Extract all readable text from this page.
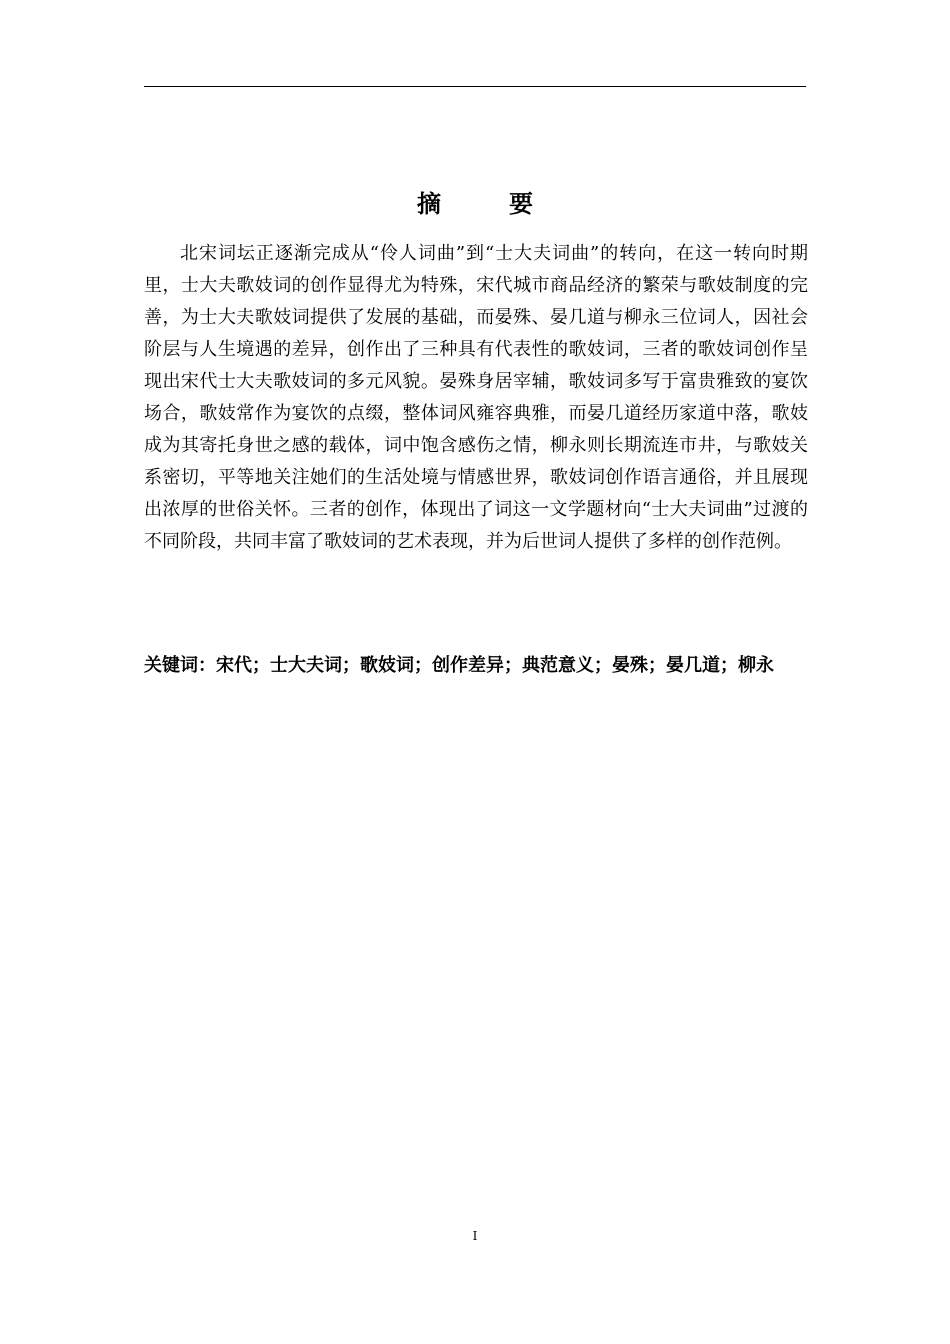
摘　要

北宋词坛正逐渐完成从“伶人词曲”到“士大夫词曲”的转向，在这一转向时期里，士大夫歌妓词的创作显得尤为特殊，宋代城市商品经济的繁荣与歌妓制度的完善，为士大夫歌妓词提供了发展的基础，而晏殊、晏几道与柳永三位词人，因社会阶层与人生境遇的差异，创作出了三种具有代表性的歌妓词，三者的歌妓词创作呈现出宋代士大夫歌妓词的多元风貌。晏殊身居宰辅，歌妓词多写于富贵雅致的宴饮场合，歌妓常作为宴饮的点缀，整体词风雍容典雅，而晏几道经历家道中落，歌妓成为其寄托身世之感的载体，词中饱含感伤之情，柳永则长期流连市井，与歌妓关系密切，平等地关注她们的生活处境与情感世界，歌妓词创作语言通俗，并且展现出浓厚的世俗关怀。三者的创作，体现出了词这一文学题材向“士大夫词曲”过渡的不同阶段，共同丰富了歌妓词的艺术表现，并为后世词人提供了多样的创作范例。

关键词：宋代；士大夫词；歌妓词；创作差异；典范意义；晏殊；晏几道；柳永

I
